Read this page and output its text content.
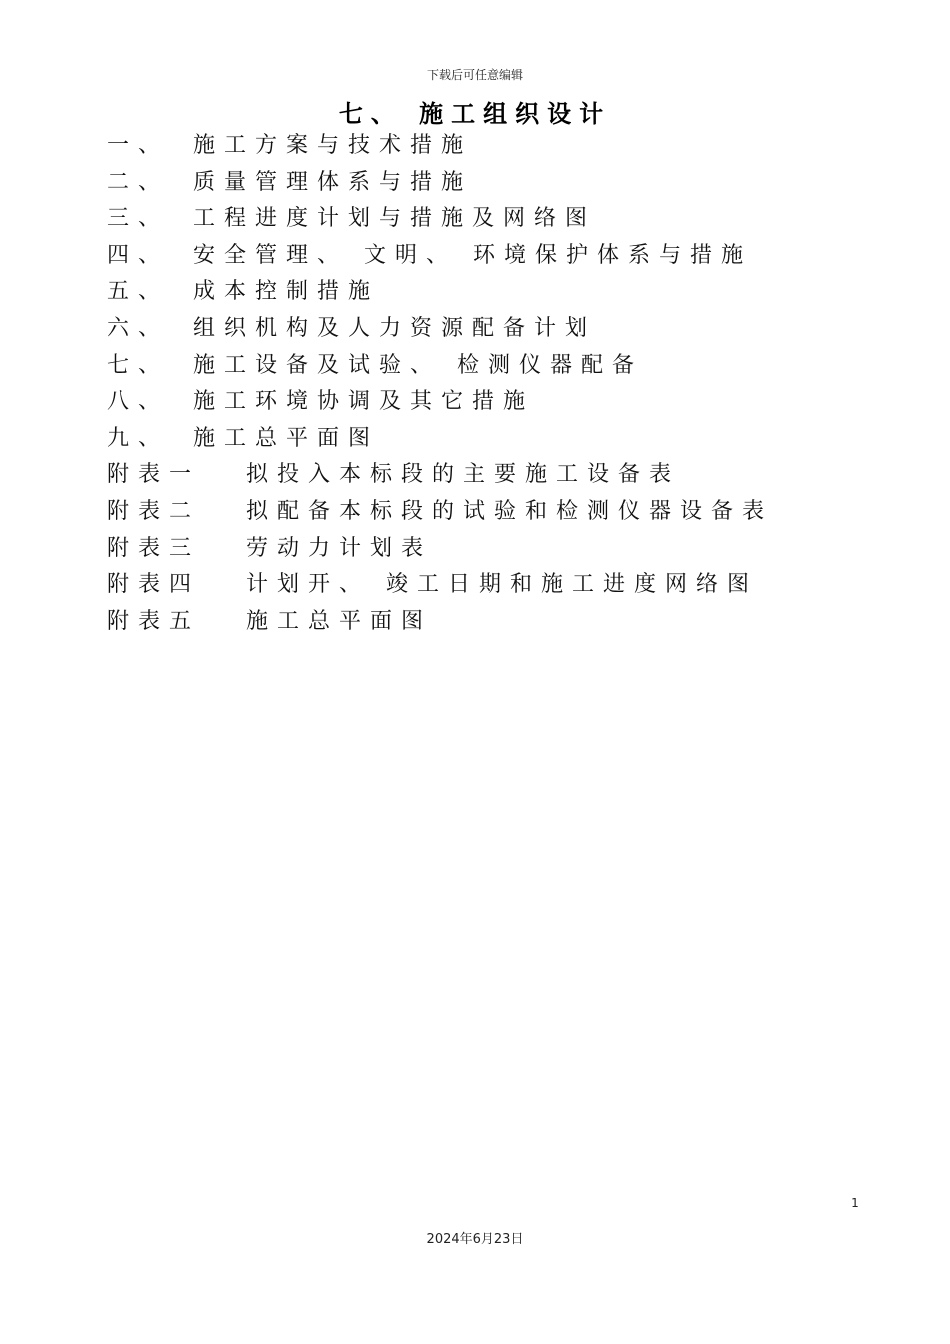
下载后可任意编辑
七、 施工组织设计
一、	施工方案与技术措施
二、	质量管理体系与措施
三、	工程进度计划与措施及网络图
四、	安全管理、 文明、 环境保护体系与措施
五、	成本控制措施
六、	组织机构及人力资源配备计划
七、	施工设备及试验、 检测仪器配备
八、	施工环境协调及其它措施
九、	施工总平面图
附表一	拟投入本标段的主要施工设备表
附表二	拟配备本标段的试验和检测仪器设备表
附表三	劳动力计划表
附表四	计划开、 竣工日期和施工进度网络图
附表五	施工总平面图
1
2024年6月23日
